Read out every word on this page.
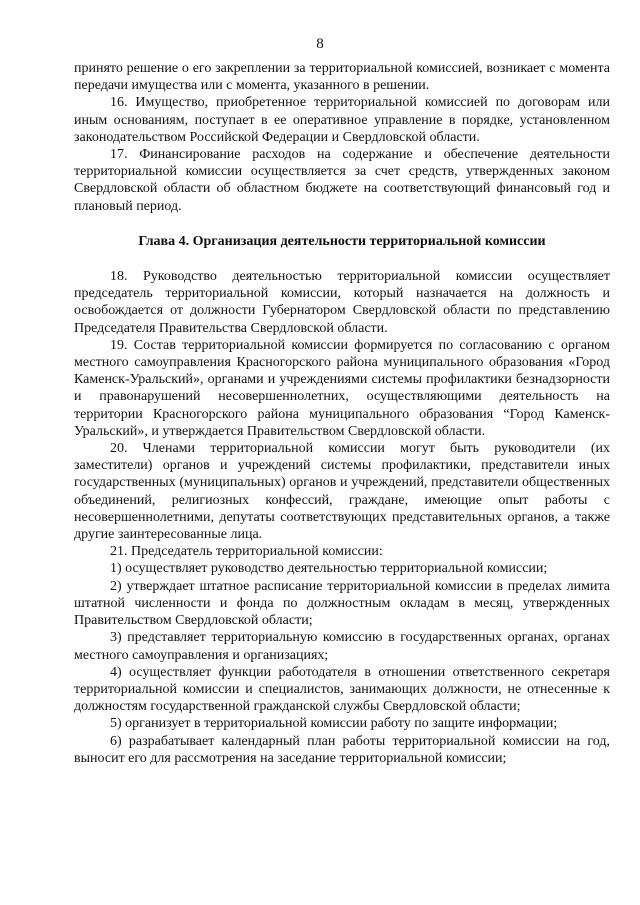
8

принято решение о его закреплении за территориальной комиссией, возникает с момента передачи имущества или с момента, указанного в решении.

16. Имущество, приобретенное территориальной комиссией по договорам или иным основаниям, поступает в ее оперативное управление в порядке, установленном законодательством Российской Федерации и Свердловской области.

17. Финансирование расходов на содержание и обеспечение деятельности территориальной комиссии осуществляется за счет средств, утвержденных законом Свердловской области об областном бюджете на соответствующий финансовый год и плановый период.

Глава 4. Организация деятельности территориальной комиссии

18. Руководство деятельностью территориальной комиссии осуществляет председатель территориальной комиссии, который назначается на должность и освобождается от должности Губернатором Свердловской области по представлению Председателя Правительства Свердловской области.

19. Состав территориальной комиссии формируется по согласованию с органом местного самоуправления Красногорского района муниципального образования «Город Каменск-Уральский», органами и учреждениями системы профилактики безнадзорности и правонарушений несовершеннолетних, осуществляющими деятельность на территории Красногорского района муниципального образования “Город Каменск-Уральский», и утверждается Правительством Свердловской области.

20. Членами территориальной комиссии могут быть руководители (их заместители) органов и учреждений системы профилактики, представители иных государственных (муниципальных) органов и учреждений, представители общественных объединений, религиозных конфессий, граждане, имеющие опыт работы с несовершеннолетними, депутаты соответствующих представительных органов, а также другие заинтересованные лица.

21. Председатель территориальной комиссии:

1) осуществляет руководство деятельностью территориальной комиссии;

2) утверждает штатное расписание территориальной комиссии в пределах лимита штатной численности и фонда по должностным окладам в месяц, утвержденных Правительством Свердловской области;

3) представляет территориальную комиссию в государственных органах, органах местного самоуправления и организациях;

4) осуществляет функции работодателя в отношении ответственного секретаря территориальной комиссии и специалистов, занимающих должности, не отнесенные к должностям государственной гражданской службы Свердловской области;

5) организует в территориальной комиссии работу по защите информации;

6) разрабатывает календарный план работы территориальной комиссии на год, выносит его для рассмотрения на заседание территориальной комиссии;
